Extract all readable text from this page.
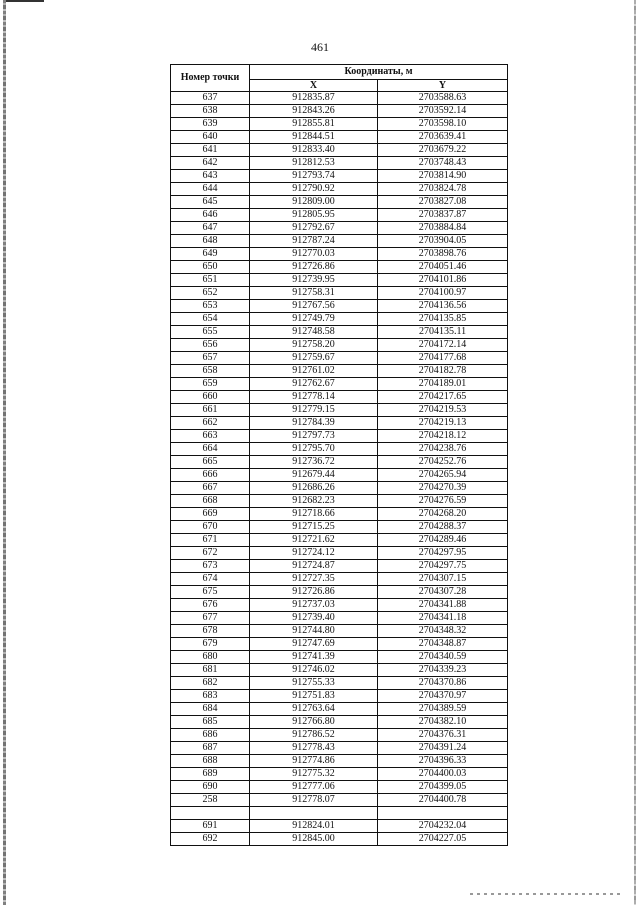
461
Номер точки	Координаты, м	
	X	Y
637	912835.87	2703588.63
638	912843.26	2703592.14
639	912855.81	2703598.10
640	912844.51	2703639.41
641	912833.40	2703679.22
642	912812.53	2703748.43
643	912793.74	2703814.90
644	912790.92	2703824.78
645	912809.00	2703827.08
646	912805.95	2703837.87
647	912792.67	2703884.84
648	912787.24	2703904.05
649	912770.03	2703898.76
650	912726.86	2704051.46
651	912739.95	2704101.86
652	912758.31	2704100.97
653	912767.56	2704136.56
654	912749.79	2704135.85
655	912748.58	2704135.11
656	912758.20	2704172.14
657	912759.67	2704177.68
658	912761.02	2704182.78
659	912762.67	2704189.01
660	912778.14	2704217.65
661	912779.15	2704219.53
662	912784.39	2704219.13
663	912797.73	2704218.12
664	912795.70	2704238.76
665	912736.72	2704252.76
666	912679.44	2704265.94
667	912686.26	2704270.39
668	912682.23	2704276.59
669	912718.66	2704268.20
670	912715.25	2704288.37
671	912721.62	2704289.46
672	912724.12	2704297.95
673	912724.87	2704297.75
674	912727.35	2704307.15
675	912726.86	2704307.28
676	912737.03	2704341.88
677	912739.40	2704341.18
678	912744.80	2704348.32
679	912747.69	2704348.87
680	912741.39	2704340.59
681	912746.02	2704339.23
682	912755.33	2704370.86
683	912751.83	2704370.97
684	912763.64	2704389.59
685	912766.80	2704382.10
686	912786.52	2704376.31
687	912778.43	2704391.24
688	912774.86	2704396.33
689	912775.32	2704400.03
690	912777.06	2704399.05
258	912778.07	2704400.78

691	912824.01	2704232.04
692	912845.00	2704227.05
